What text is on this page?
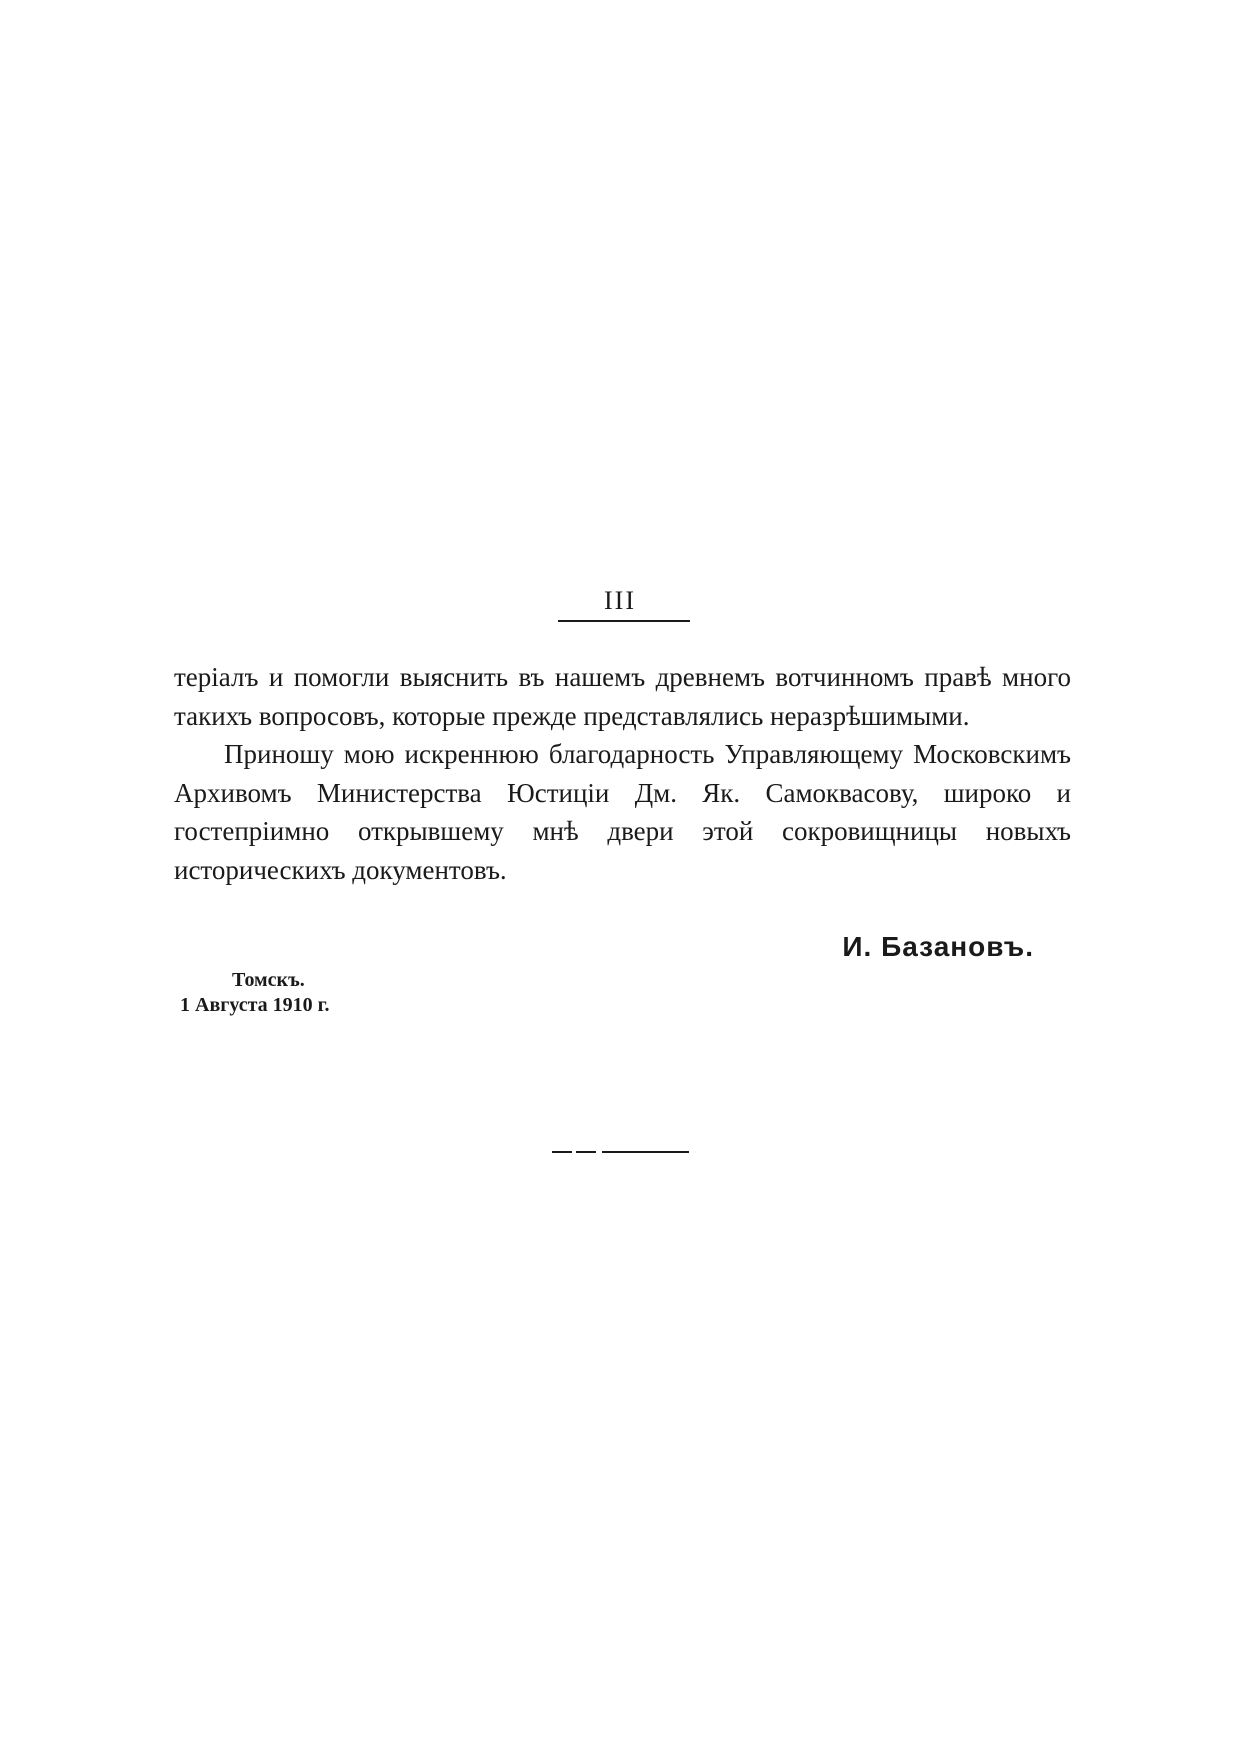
III

теріалъ и помогли выяснить въ нашемъ древнемъ вотчинномъ правѣ много такихъ вопросовъ, которые прежде представлялись неразрѣшимыми.

Приношу мою искреннюю благодарность Управляющему Московскимъ Архивомъ Министерства Юстиціи Дм. Як. Самоквасову, широко и гостепріимно открывшему мнѣ двери этой сокровищницы новыхъ историческихъ документовъ.

И. Базановъ.
Томскъ.
1 Августа 1910 г.
